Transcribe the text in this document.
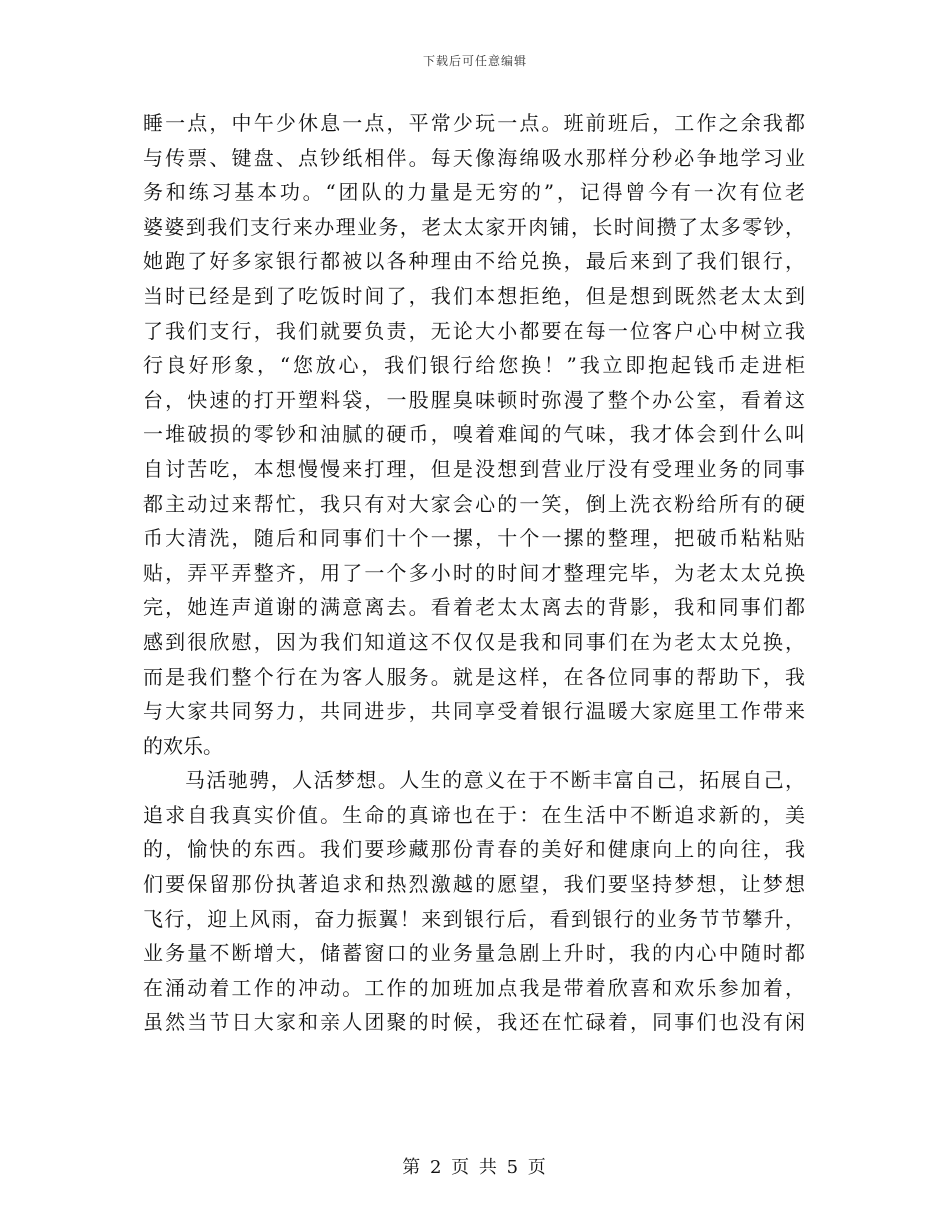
下载后可任意编辑
睡一点，中午少休息一点，平常少玩一点。班前班后，工作之余我都
与传票、键盘、点钞纸相伴。每天像海绵吸水那样分秒必争地学习业
务和练习基本功。“团队的力量是无穷的”，记得曾今有一次有位老
婆婆到我们支行来办理业务，老太太家开肉铺，长时间攒了太多零钞，
她跑了好多家银行都被以各种理由不给兑换，最后来到了我们银行，
当时已经是到了吃饭时间了，我们本想拒绝，但是想到既然老太太到
了我们支行，我们就要负责，无论大小都要在每一位客户心中树立我
行良好形象，“您放心，我们银行给您换！”我立即抱起钱币走进柜
台，快速的打开塑料袋，一股腥臭味顿时弥漫了整个办公室，看着这
一堆破损的零钞和油腻的硬币，嗅着难闻的气味，我才体会到什么叫
自讨苦吃，本想慢慢来打理，但是没想到营业厅没有受理业务的同事
都主动过来帮忙，我只有对大家会心的一笑，倒上洗衣粉给所有的硬
币大清洗，随后和同事们十个一摞，十个一摞的整理，把破币粘粘贴
贴，弄平弄整齐，用了一个多小时的时间才整理完毕，为老太太兑换
完，她连声道谢的满意离去。看着老太太离去的背影，我和同事们都
感到很欣慰，因为我们知道这不仅仅是我和同事们在为老太太兑换，
而是我们整个行在为客人服务。就是这样，在各位同事的帮助下，我
与大家共同努力，共同进步，共同享受着银行温暖大家庭里工作带来
的欢乐。
马活驰骋，人活梦想。人生的意义在于不断丰富自己，拓展自己，
追求自我真实价值。生命的真谛也在于：在生活中不断追求新的，美
的，愉快的东西。我们要珍藏那份青春的美好和健康向上的向往，我
们要保留那份执著追求和热烈激越的愿望，我们要坚持梦想，让梦想
飞行，迎上风雨，奋力振翼！来到银行后，看到银行的业务节节攀升，
业务量不断增大，储蓄窗口的业务量急剧上升时，我的内心中随时都
在涌动着工作的冲动。工作的加班加点我是带着欣喜和欢乐参加着，
虽然当节日大家和亲人团聚的时候，我还在忙碌着，同事们也没有闲
第 2 页 共 5 页
